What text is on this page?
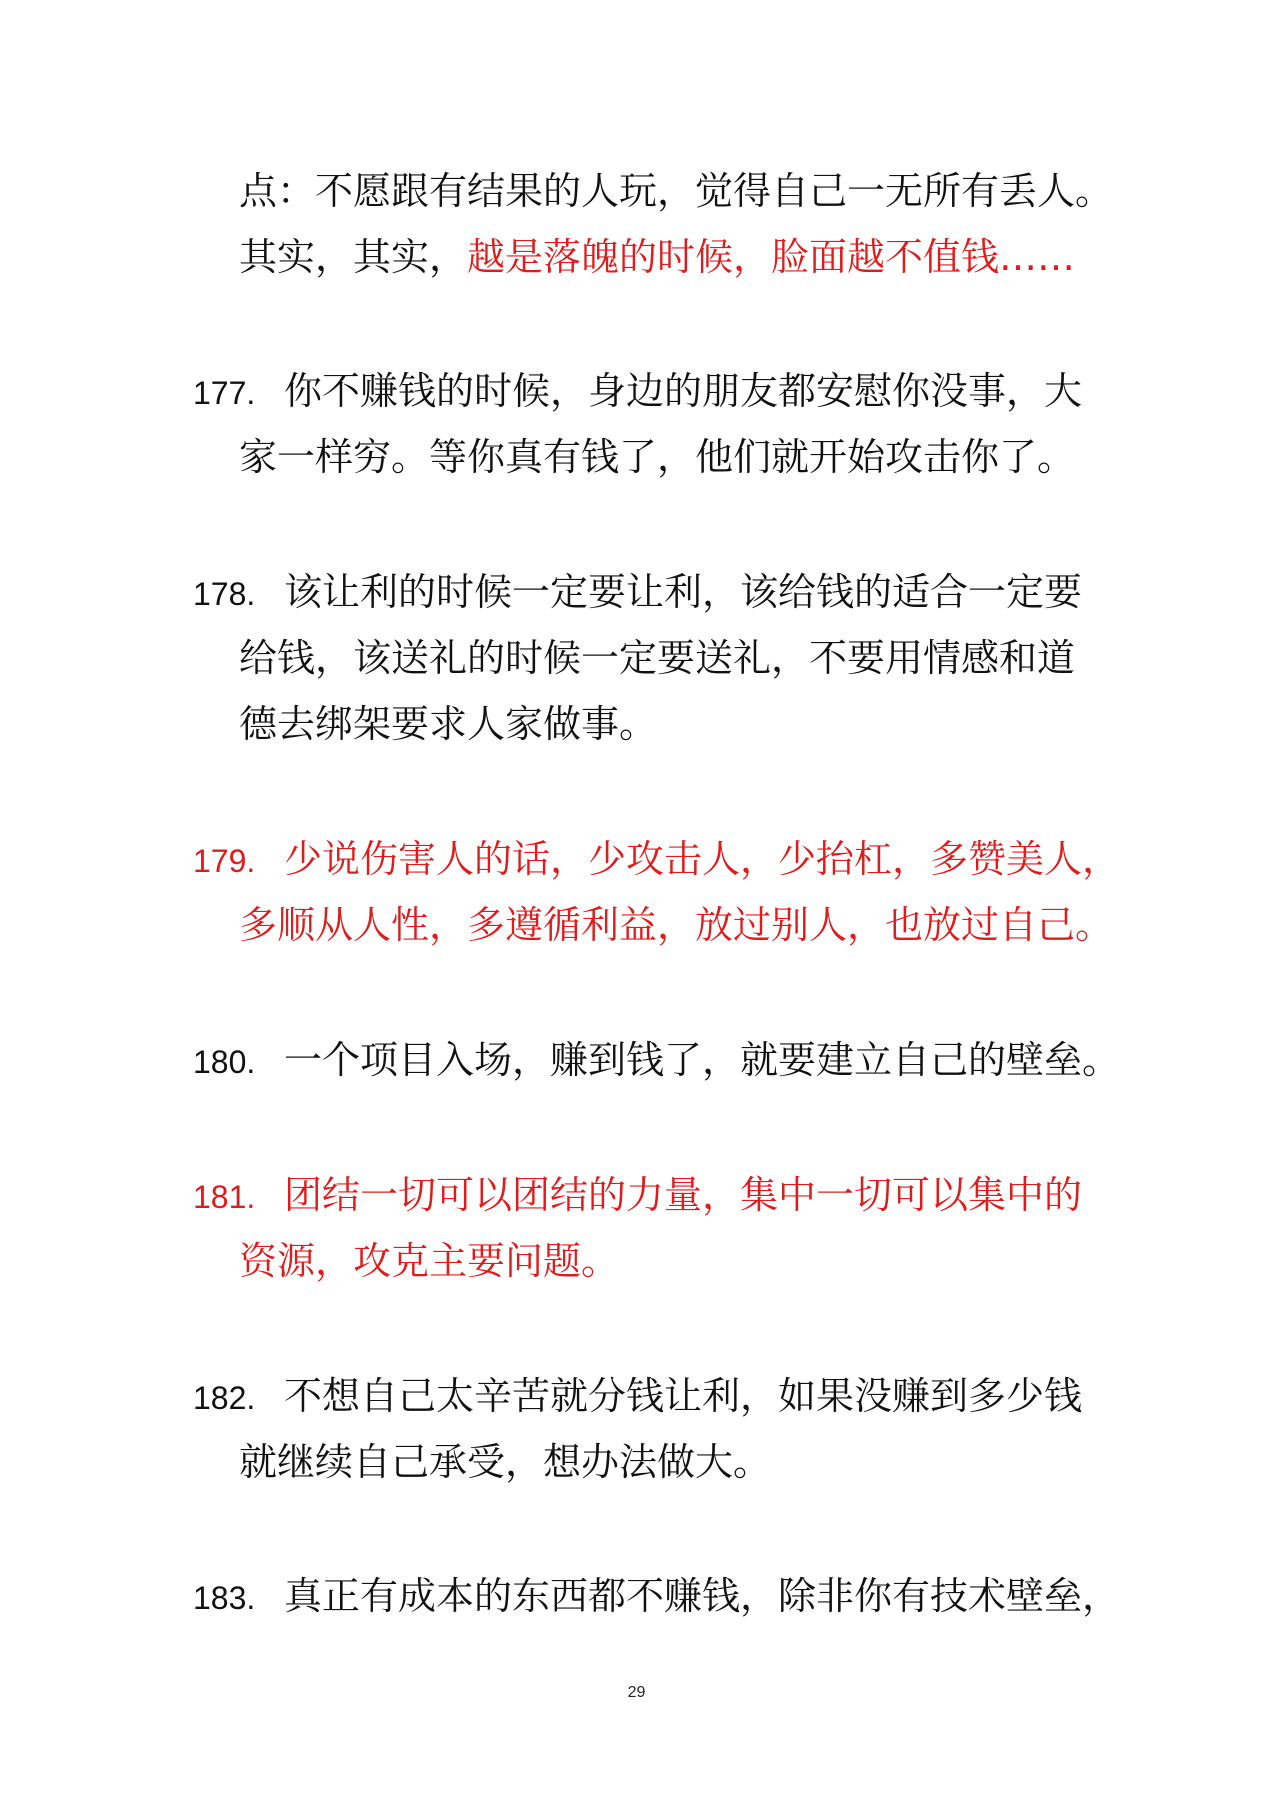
点：不愿跟有结果的人玩，觉得自己一无所有丢人。
其实，其实，越是落魄的时候，脸面越不值钱……
177. 你不赚钱的时候，身边的朋友都安慰你没事，大
家一样穷。等你真有钱了，他们就开始攻击你了。
178. 该让利的时候一定要让利，该给钱的适合一定要
给钱，该送礼的时候一定要送礼，不要用情感和道
德去绑架要求人家做事。
179. 少说伤害人的话，少攻击人，少抬杠，多赞美人，
多顺从人性，多遵循利益，放过别人，也放过自己。
180. 一个项目入场，赚到钱了，就要建立自己的壁垒。
181. 团结一切可以团结的力量，集中一切可以集中的
资源，攻克主要问题。
182. 不想自己太辛苦就分钱让利，如果没赚到多少钱
就继续自己承受，想办法做大。
183. 真正有成本的东西都不赚钱，除非你有技术壁垒，
29
